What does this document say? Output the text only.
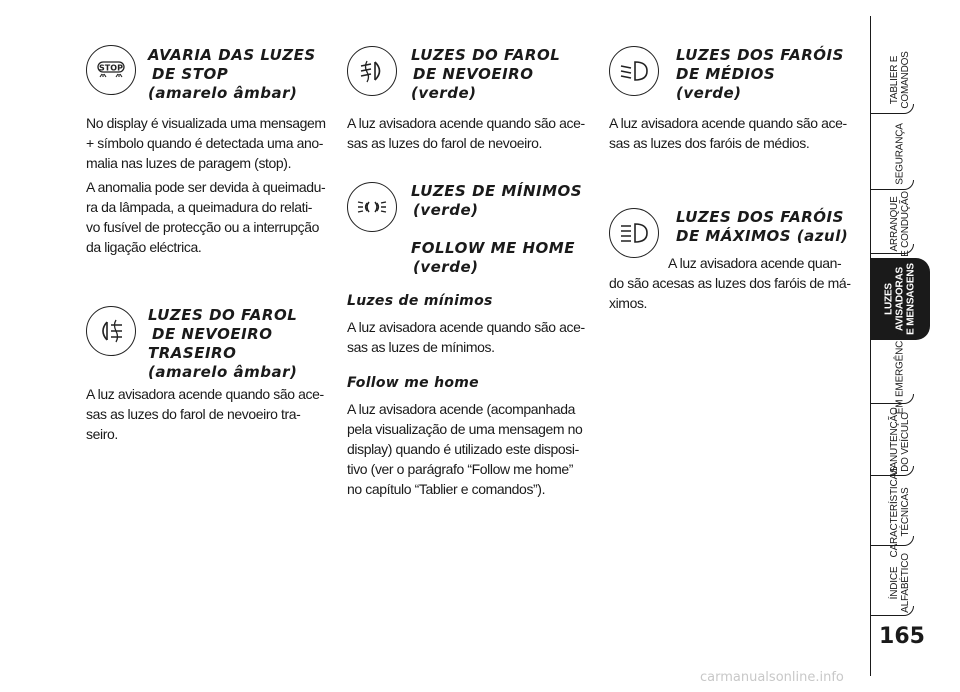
STOP
AVARIA DAS LUZES
DE STOP
(amarelo âmbar)

No display é visualizada uma mensagem
+ símbolo quando é detectada uma ano-
malia nas luzes de paragem (stop).

A anomalia pode ser devida à queimadu-
ra da lâmpada, a queimadura do relati-
vo fusível de protecção ou a interrupção
da ligação eléctrica.

LUZES DO FAROL
DE NEVOEIRO
TRASEIRO
(amarelo âmbar)

A luz avisadora acende quando são ace-
sas as luzes do farol de nevoeiro tra-
seiro.

LUZES DO FAROL
DE NEVOEIRO
(verde)

A luz avisadora acende quando são ace-
sas as luzes do farol de nevoeiro.

LUZES DE MÍNIMOS
(verde)
FOLLOW ME HOME
(verde)
Luzes de mínimos

A luz avisadora acende quando são ace-
sas as luzes de mínimos.

Follow me home

A luz avisadora acende (acompanhada
pela visualização de uma mensagem no
display) quando é utilizado este disposi-
tivo (ver o parágrafo “Follow me home”
no capítulo “Tablier e comandos”).

LUZES DOS FARÓIS
DE MÉDIOS
(verde)

A luz avisadora acende quando são ace-
sas as luzes dos faróis de médios.

LUZES DOS FARÓIS
DE MÁXIMOS (azul)

A luz avisadora acende quan-
do são acesas as luzes dos faróis de má-
ximos.

TABLIER E COMANDOS
SEGURANÇA
ARRANQUE E CONDUÇÃO
LUZES AVISADORAS E MENSAGENS
EM EMERGÊNCIA
MANUTENÇÃO DO VEÍCULO
CARACTERÍSTICAS TÉCNICAS
ÍNDICE ALFABÉTICO
165
carmanualsonline.info
